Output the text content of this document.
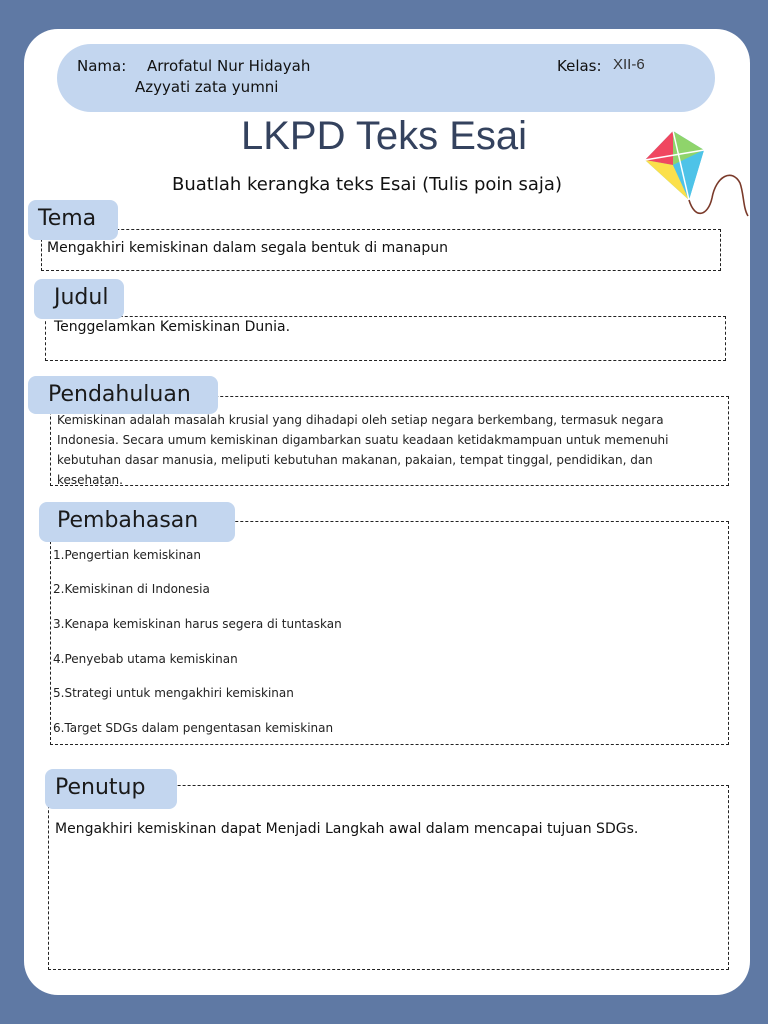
Nama: Arrofatul Nur Hidayah
Azyyati zata yumni
Kelas: XII-6
LKPD Teks Esai
Buatlah kerangka teks Esai (Tulis poin saja)
Tema
Mengakhiri kemiskinan dalam segala bentuk di manapun
Judul
Tenggelamkan Kemiskinan Dunia.
Pendahuluan
Kemiskinan adalah masalah krusial yang dihadapi oleh setiap negara berkembang, termasuk negara
Indonesia. Secara umum kemiskinan digambarkan suatu keadaan ketidakmampuan untuk memenuhi
kebutuhan dasar manusia, meliputi kebutuhan makanan, pakaian, tempat tinggal, pendidikan, dan
kesehatan.
Pembahasan
1.Pengertian kemiskinan
2.Kemiskinan di Indonesia
3.Kenapa kemiskinan harus segera di tuntaskan
4.Penyebab utama kemiskinan
5.Strategi untuk mengakhiri kemiskinan
6.Target SDGs dalam pengentasan kemiskinan
Penutup
Mengakhiri kemiskinan dapat Menjadi Langkah awal dalam mencapai tujuan SDGs.
